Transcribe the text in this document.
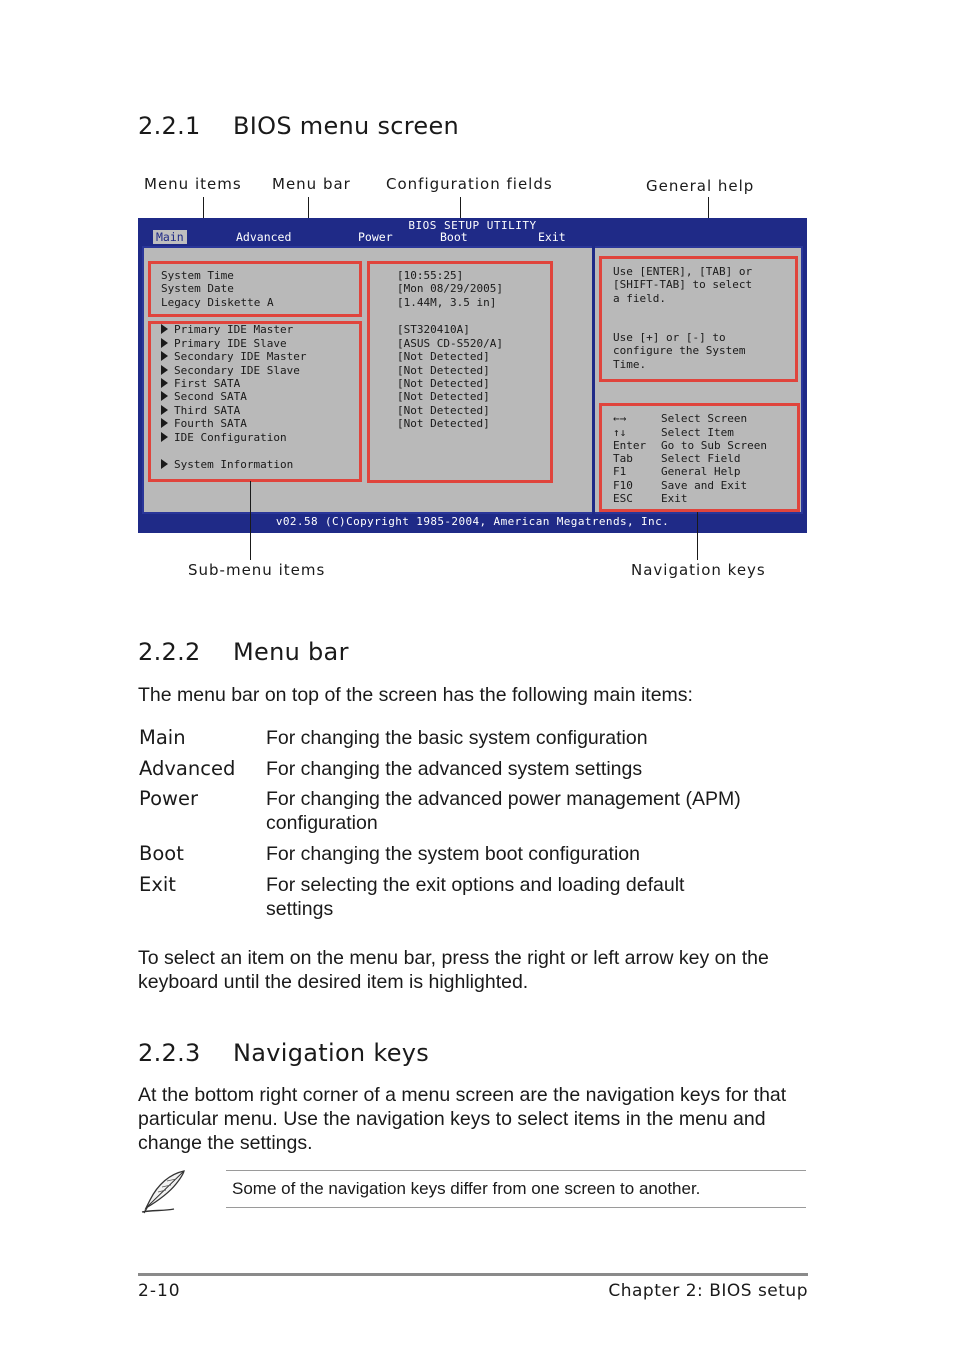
2.2.1 BIOS menu screen
Menu items Menu bar Configuration fields	General help
BIOS SETUP UTILITY
Main	Advanced	Power	Boot	Exit
System Time
System Date
Legacy Diskette A
Primary IDE Master
Primary IDE Slave
Secondary IDE Master
Secondary IDE Slave
First SATA
Second SATA
Third SATA
Fourth SATA
IDE Configuration
System Information
[10:55:25]
[Mon 08/29/2005]
[1.44M, 3.5 in]
[ST320410A]
[ASUS CD-S520/A]
[Not Detected]
[Not Detected]
[Not Detected]
[Not Detected]
[Not Detected]
[Not Detected]
Use [ENTER], [TAB] or
[SHIFT-TAB] to select
a field.
Use [+] or [-] to
configure the System
Time.
←→	Select Screen
↑↓	Select Item
Enter Go to Sub Screen
Tab	Select Field
F1	General Help
F10	Save and Exit
ESC	Exit
v02.58 (C)Copyright 1985-2004, American Megatrends, Inc.
Sub-menu items	Navigation keys
2.2.2 Menu bar
The menu bar on top of the screen has the following main items:
Main	For changing the basic system configuration
Advanced For changing the advanced system settings
Power	For changing the advanced power management (APM) configuration
Boot	For changing the system boot configuration
Exit	For selecting the exit options and loading default settings
To select an item on the menu bar, press the right or left arrow key on the keyboard until the desired item is highlighted.
2.2.3 Navigation keys
At the bottom right corner of a menu screen are the navigation keys for that particular menu. Use the navigation keys to select items in the menu and change the settings.
Some of the navigation keys differ from one screen to another.
2-10	Chapter 2: BIOS setup
